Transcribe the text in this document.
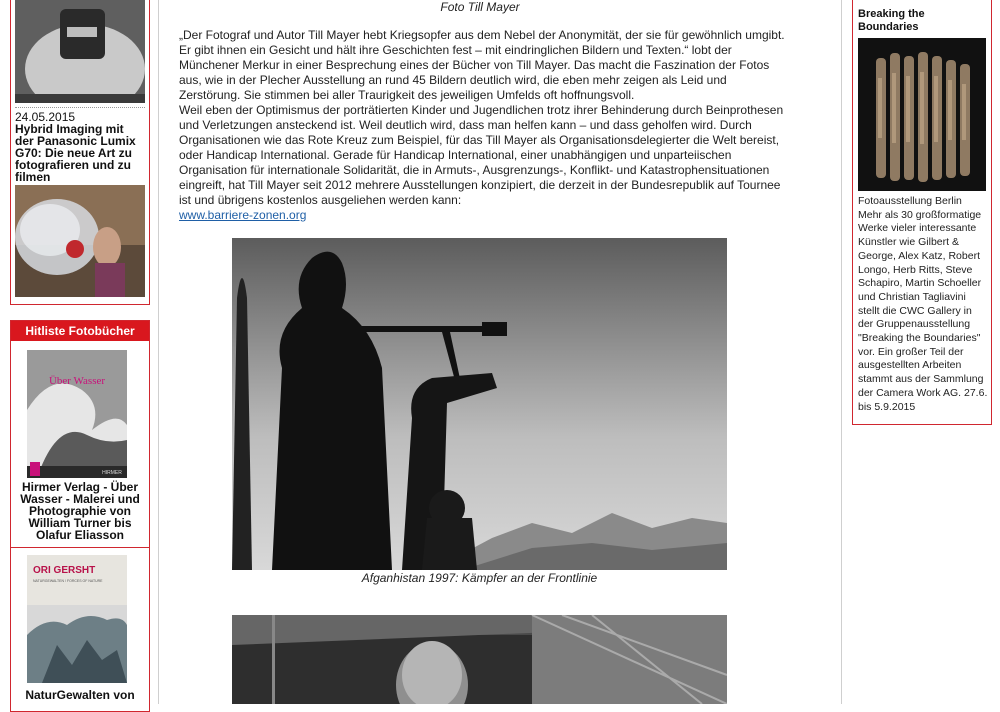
24.05.2015
Hybrid Imaging mit der Panasonic Lumix G70: Die neue Art zu fotografieren und zu filmen
Hitliste Fotobücher
Über Wasser
HIRMER
Hirmer Verlag - Über Wasser - Malerei und Photographie von William Turner bis Olafur Eliasson
ORI GERSHT
NATURGEWALTEN / FORCES OF NATURE
NaturGewalten von
Foto Till Mayer
„Der Fotograf und Autor Till Mayer hebt Kriegsopfer aus dem Nebel der Anonymität, der sie für gewöhnlich umgibt. Er gibt ihnen ein Gesicht und hält ihre Geschichten fest – mit eindringlichen Bildern und Texten.“ lobt der Münchener Merkur in einer Besprechung eines der Bücher von Till Mayer. Das macht die Faszination der Fotos aus, wie in der Plecher Ausstellung an rund 45 Bildern deutlich wird, die eben mehr zeigen als Leid und Zerstörung. Sie stimmen bei aller Traurigkeit des jeweiligen Umfelds oft hoffnungsvoll.
Weil eben der Optimismus der porträtierten Kinder und Jugendlichen trotz ihrer Behinderung durch Beinprothesen und Verletzungen ansteckend ist. Weil deutlich wird, dass man helfen kann – und dass geholfen wird. Durch Organisationen wie das Rote Kreuz zum Beispiel, für das Till Mayer als Organisationsdelegierter die Welt bereist, oder Handicap International. Gerade für Handicap International, einer unabhängigen und unparteiischen Organisation für internationale Solidarität, die in Armuts-, Ausgrenzungs-, Konflikt- und Katastrophensituationen eingreift, hat Till Mayer seit 2012 mehrere Ausstellungen konzipiert, die derzeit in der Bundesrepublik auf Tournee ist und übrigens kostenlos ausgeliehen werden kann:
www.barriere-zonen.org
Afganhistan 1997: Kämpfer an der Frontlinie
Breaking the Boundaries
Fotoausstellung Berlin Mehr als 30 großformatige Werke vieler interessante Künstler wie Gilbert & George, Alex Katz, Robert Longo, Herb Ritts, Steve Schapiro, Martin Schoeller und Christian Tagliavini stellt die CWC Gallery in der Gruppenausstellung "Breaking the Boundaries" vor. Ein großer Teil der ausgestellten Arbeiten stammt aus der Sammlung der Camera Work AG. 27.6. bis 5.9.2015
